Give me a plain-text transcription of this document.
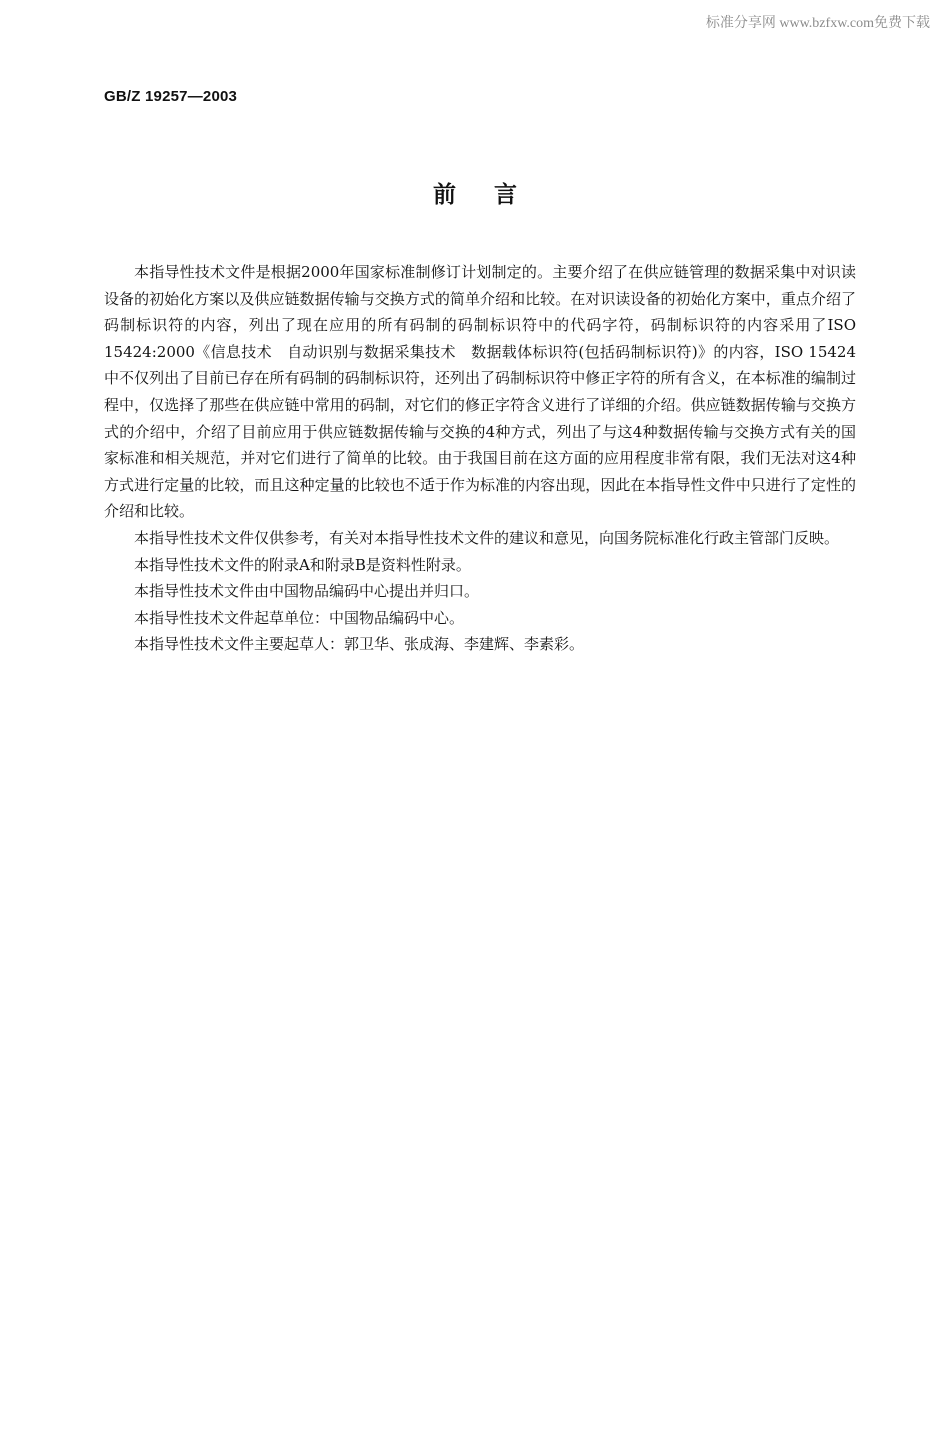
标准分享网 www.bzfxw.com免费下载
GB/Z 19257—2003
前言

本指导性技术文件是根据2000年国家标准制修订计划制定的。主要介绍了在供应链管理的数据采集中对识读设备的初始化方案以及供应链数据传输与交换方式的简单介绍和比较。在对识读设备的初始化方案中，重点介绍了码制标识符的内容，列出了现在应用的所有码制的码制标识符中的代码字符，码制标识符的内容采用了ISO 15424:2000《信息技术　自动识别与数据采集技术　数据载体标识符(包括码制标识符)》的内容，ISO 15424中不仅列出了目前已存在所有码制的码制标识符，还列出了码制标识符中修正字符的所有含义，在本标准的编制过程中，仅选择了那些在供应链中常用的码制，对它们的修正字符含义进行了详细的介绍。供应链数据传输与交换方式的介绍中，介绍了目前应用于供应链数据传输与交换的4种方式，列出了与这4种数据传输与交换方式有关的国家标准和相关规范，并对它们进行了简单的比较。由于我国目前在这方面的应用程度非常有限，我们无法对这4种方式进行定量的比较，而且这种定量的比较也不适于作为标准的内容出现，因此在本指导性文件中只进行了定性的介绍和比较。

本指导性技术文件仅供参考，有关对本指导性技术文件的建议和意见，向国务院标准化行政主管部门反映。

本指导性技术文件的附录A和附录B是资料性附录。

本指导性技术文件由中国物品编码中心提出并归口。

本指导性技术文件起草单位：中国物品编码中心。

本指导性技术文件主要起草人：郭卫华、张成海、李建辉、李素彩。
